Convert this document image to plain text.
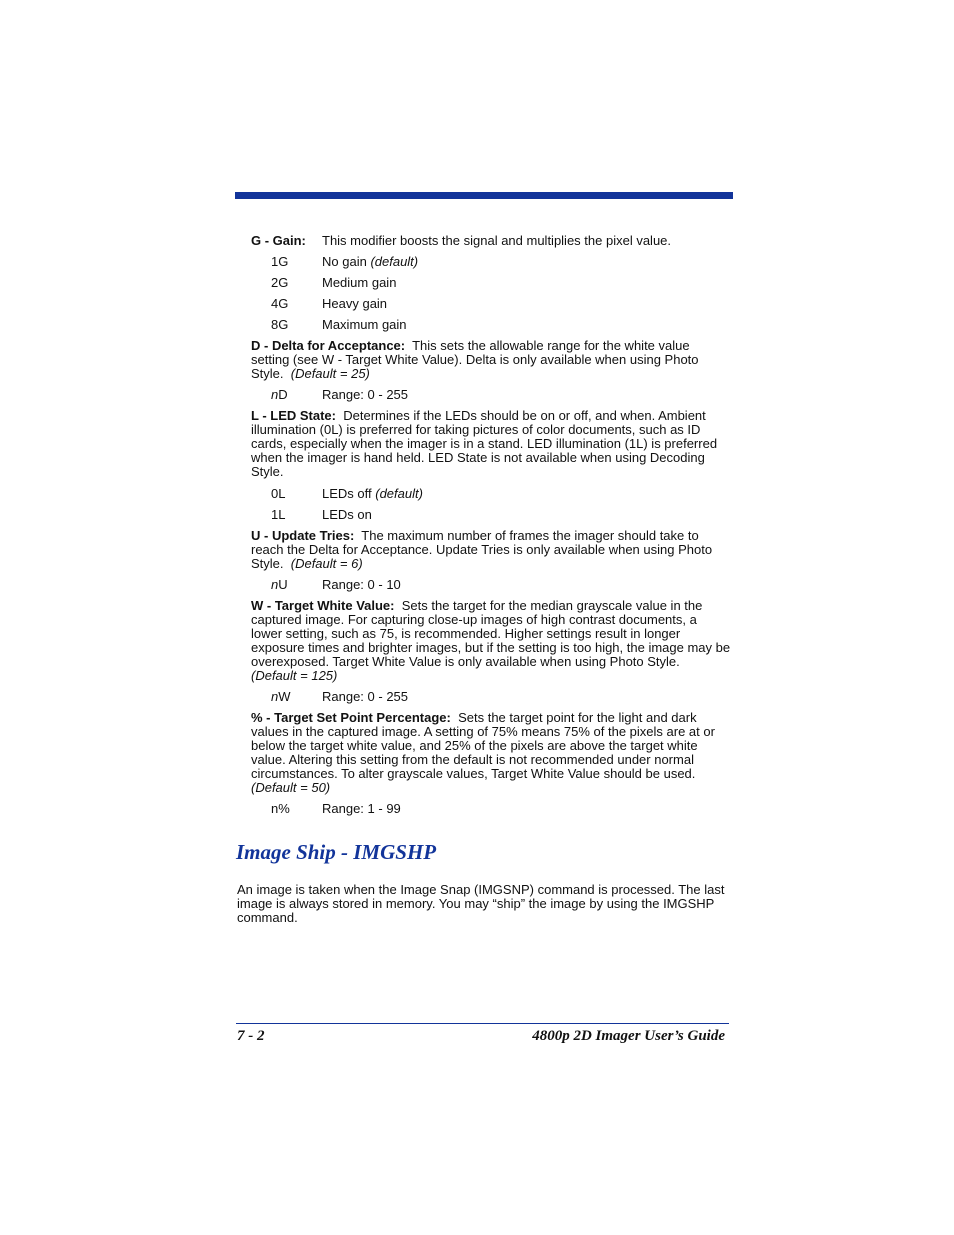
G - Gain: This modifier boosts the signal and multiplies the pixel value.
1G	No gain (default)
2G	Medium gain
4G	Heavy gain
8G	Maximum gain
D - Delta for Acceptance: This sets the allowable range for the white value setting (see W - Target White Value). Delta is only available when using Photo Style. (Default = 25)
nD	Range: 0 - 255
L - LED State: Determines if the LEDs should be on or off, and when. Ambient illumination (0L) is preferred for taking pictures of color documents, such as ID cards, especially when the imager is in a stand. LED illumination (1L) is preferred when the imager is hand held. LED State is not available when using Decoding Style.
0L	LEDs off (default)
1L	LEDs on
U - Update Tries: The maximum number of frames the imager should take to reach the Delta for Acceptance. Update Tries is only available when using Photo Style. (Default = 6)
nU	Range: 0 - 10
W - Target White Value: Sets the target for the median grayscale value in the captured image. For capturing close-up images of high contrast documents, a lower setting, such as 75, is recommended. Higher settings result in longer exposure times and brighter images, but if the setting is too high, the image may be overexposed. Target White Value is only available when using Photo Style.  (Default = 125)
nW Range: 0 - 255
% - Target Set Point Percentage: Sets the target point for the light and dark values in the captured image. A setting of 75% means 75% of the pixels are at or below the target white value, and 25% of the pixels are above the target white value. Altering this setting from the default is not recommended under normal circumstances. To alter grayscale values, Target White Value should be used. (Default = 50)
n% Range: 1 - 99
Image Ship - IMGSHP
An image is taken when the Image Snap (IMGSNP) command is processed. The last image is always stored in memory. You may “ship” the image by using the IMGSHP command.
7 - 2	4800p 2D Imager User’s Guide
